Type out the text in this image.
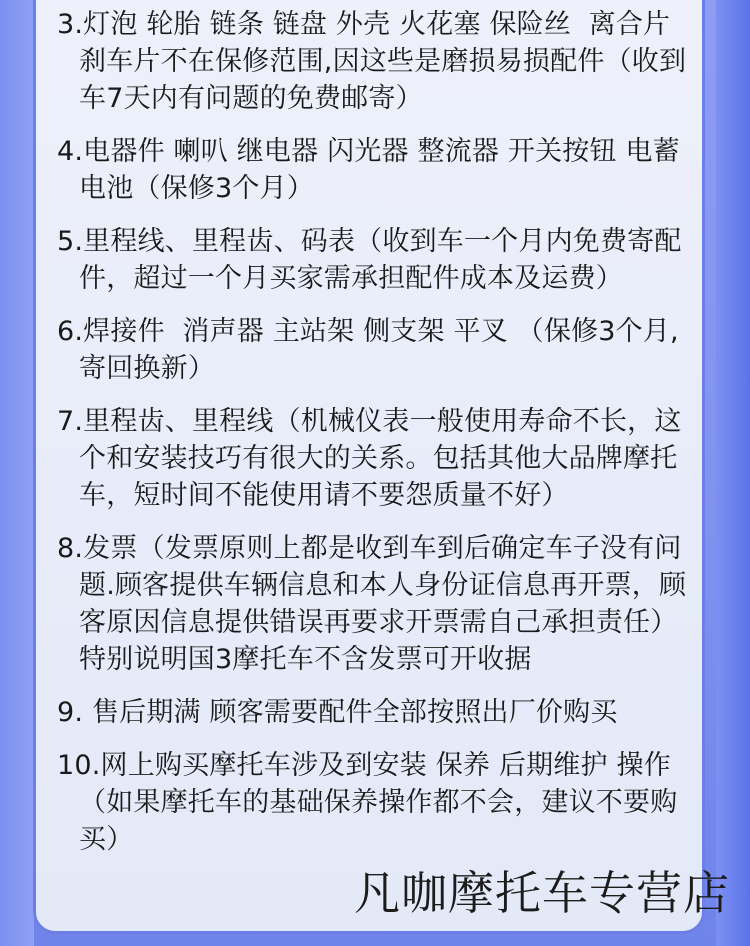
3.灯泡 轮胎 链条 链盘 外壳 火花塞 保险丝  离合片 刹车片不在保修范围,因这些是磨损易损配件（收到车7天内有问题的免费邮寄）

4.电器件 喇叭 继电器 闪光器 整流器 开关按钮 电蓄电池（保修3个月）

5.里程线、里程齿、码表（收到车一个月内免费寄配件，超过一个月买家需承担配件成本及运费）

6.焊接件  消声器 主站架 侧支架 平叉 （保修3个月,寄回换新）

7.里程齿、里程线（机械仪表一般使用寿命不长，这个和安装技巧有很大的关系。包括其他大品牌摩托车，短时间不能使用请不要怨质量不好）

8.发票（发票原则上都是收到车到后确定车子没有问题.顾客提供车辆信息和本人身份证信息再开票，顾客原因信息提供错误再要求开票需自己承担责任）特别说明国3摩托车不含发票可开收据

9. 售后期满 顾客需要配件全部按照出厂价购买

10.网上购买摩托车涉及到安装 保养 后期维护 操作（如果摩托车的基础保养操作都不会，建议不要购买）

凡咖摩托车专营店
